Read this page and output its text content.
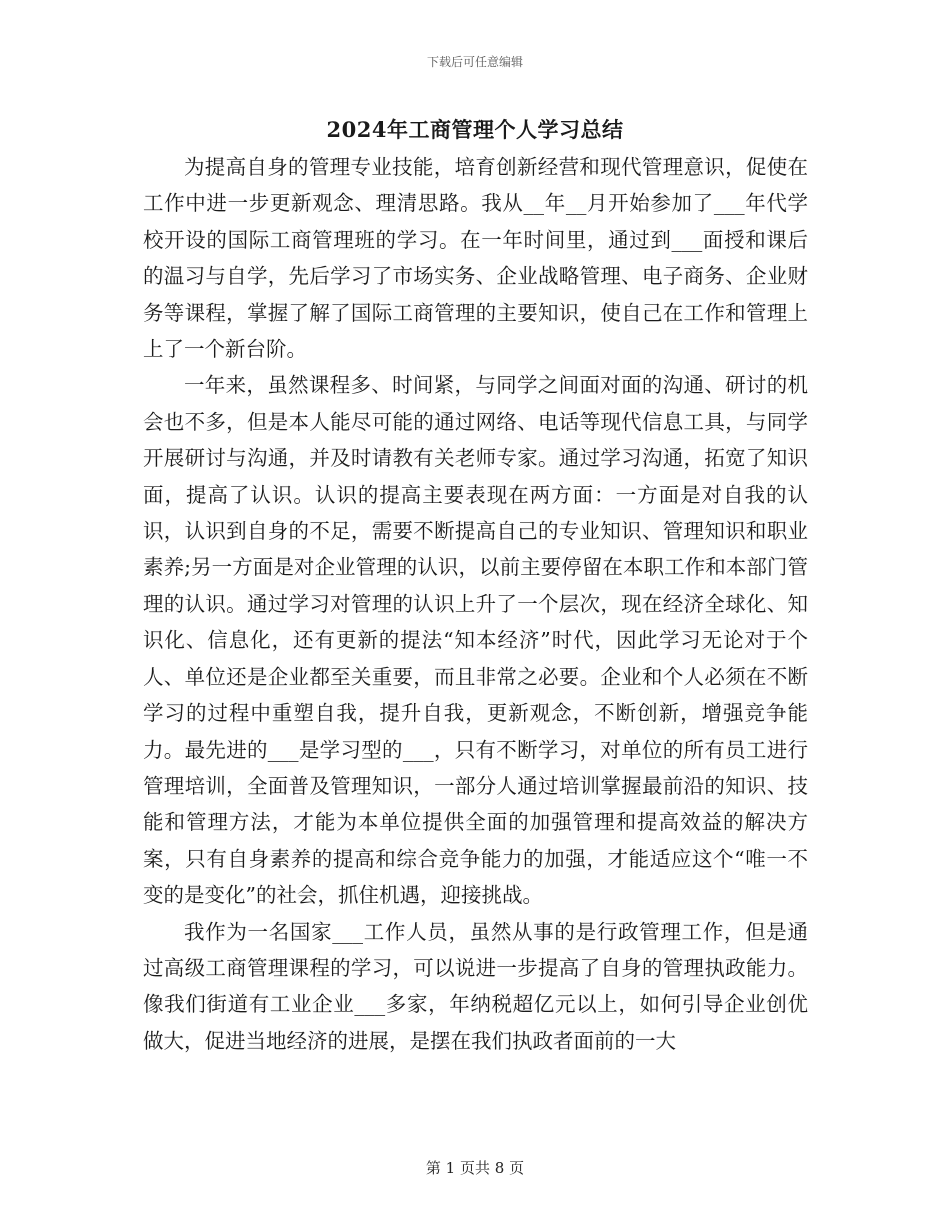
下载后可任意编辑
2024年工商管理个人学习总结

为提高自身的管理专业技能，培育创新经营和现代管理意识，促使在工作中进一步更新观念、理清思路。我从__年__月开始参加了___年代学校开设的国际工商管理班的学习。在一年时间里，通过到___面授和课后的温习与自学，先后学习了市场实务、企业战略管理、电子商务、企业财务等课程，掌握了解了国际工商管理的主要知识，使自己在工作和管理上上了一个新台阶。

一年来，虽然课程多、时间紧，与同学之间面对面的沟通、研讨的机会也不多，但是本人能尽可能的通过网络、电话等现代信息工具，与同学开展研讨与沟通，并及时请教有关老师专家。通过学习沟通，拓宽了知识面，提高了认识。认识的提高主要表现在两方面：一方面是对自我的认识，认识到自身的不足，需要不断提高自己的专业知识、管理知识和职业素养;另一方面是对企业管理的认识，以前主要停留在本职工作和本部门管理的认识。通过学习对管理的认识上升了一个层次，现在经济全球化、知识化、信息化，还有更新的提法“知本经济”时代，因此学习无论对于个人、单位还是企业都至关重要，而且非常之必要。企业和个人必须在不断学习的过程中重塑自我，提升自我，更新观念，不断创新，增强竞争能力。最先进的___是学习型的___，只有不断学习，对单位的所有员工进行管理培训，全面普及管理知识，一部分人通过培训掌握最前沿的知识、技能和管理方法，才能为本单位提供全面的加强管理和提高效益的解决方案，只有自身素养的提高和综合竞争能力的加强，才能适应这个“唯一不变的是变化”的社会，抓住机遇，迎接挑战。

我作为一名国家___工作人员，虽然从事的是行政管理工作，但是通过高级工商管理课程的学习，可以说进一步提高了自身的管理执政能力。像我们街道有工业企业___多家，年纳税超亿元以上，如何引导企业创优做大，促进当地经济的进展，是摆在我们执政者面前的一大

第 1 页共 8 页
